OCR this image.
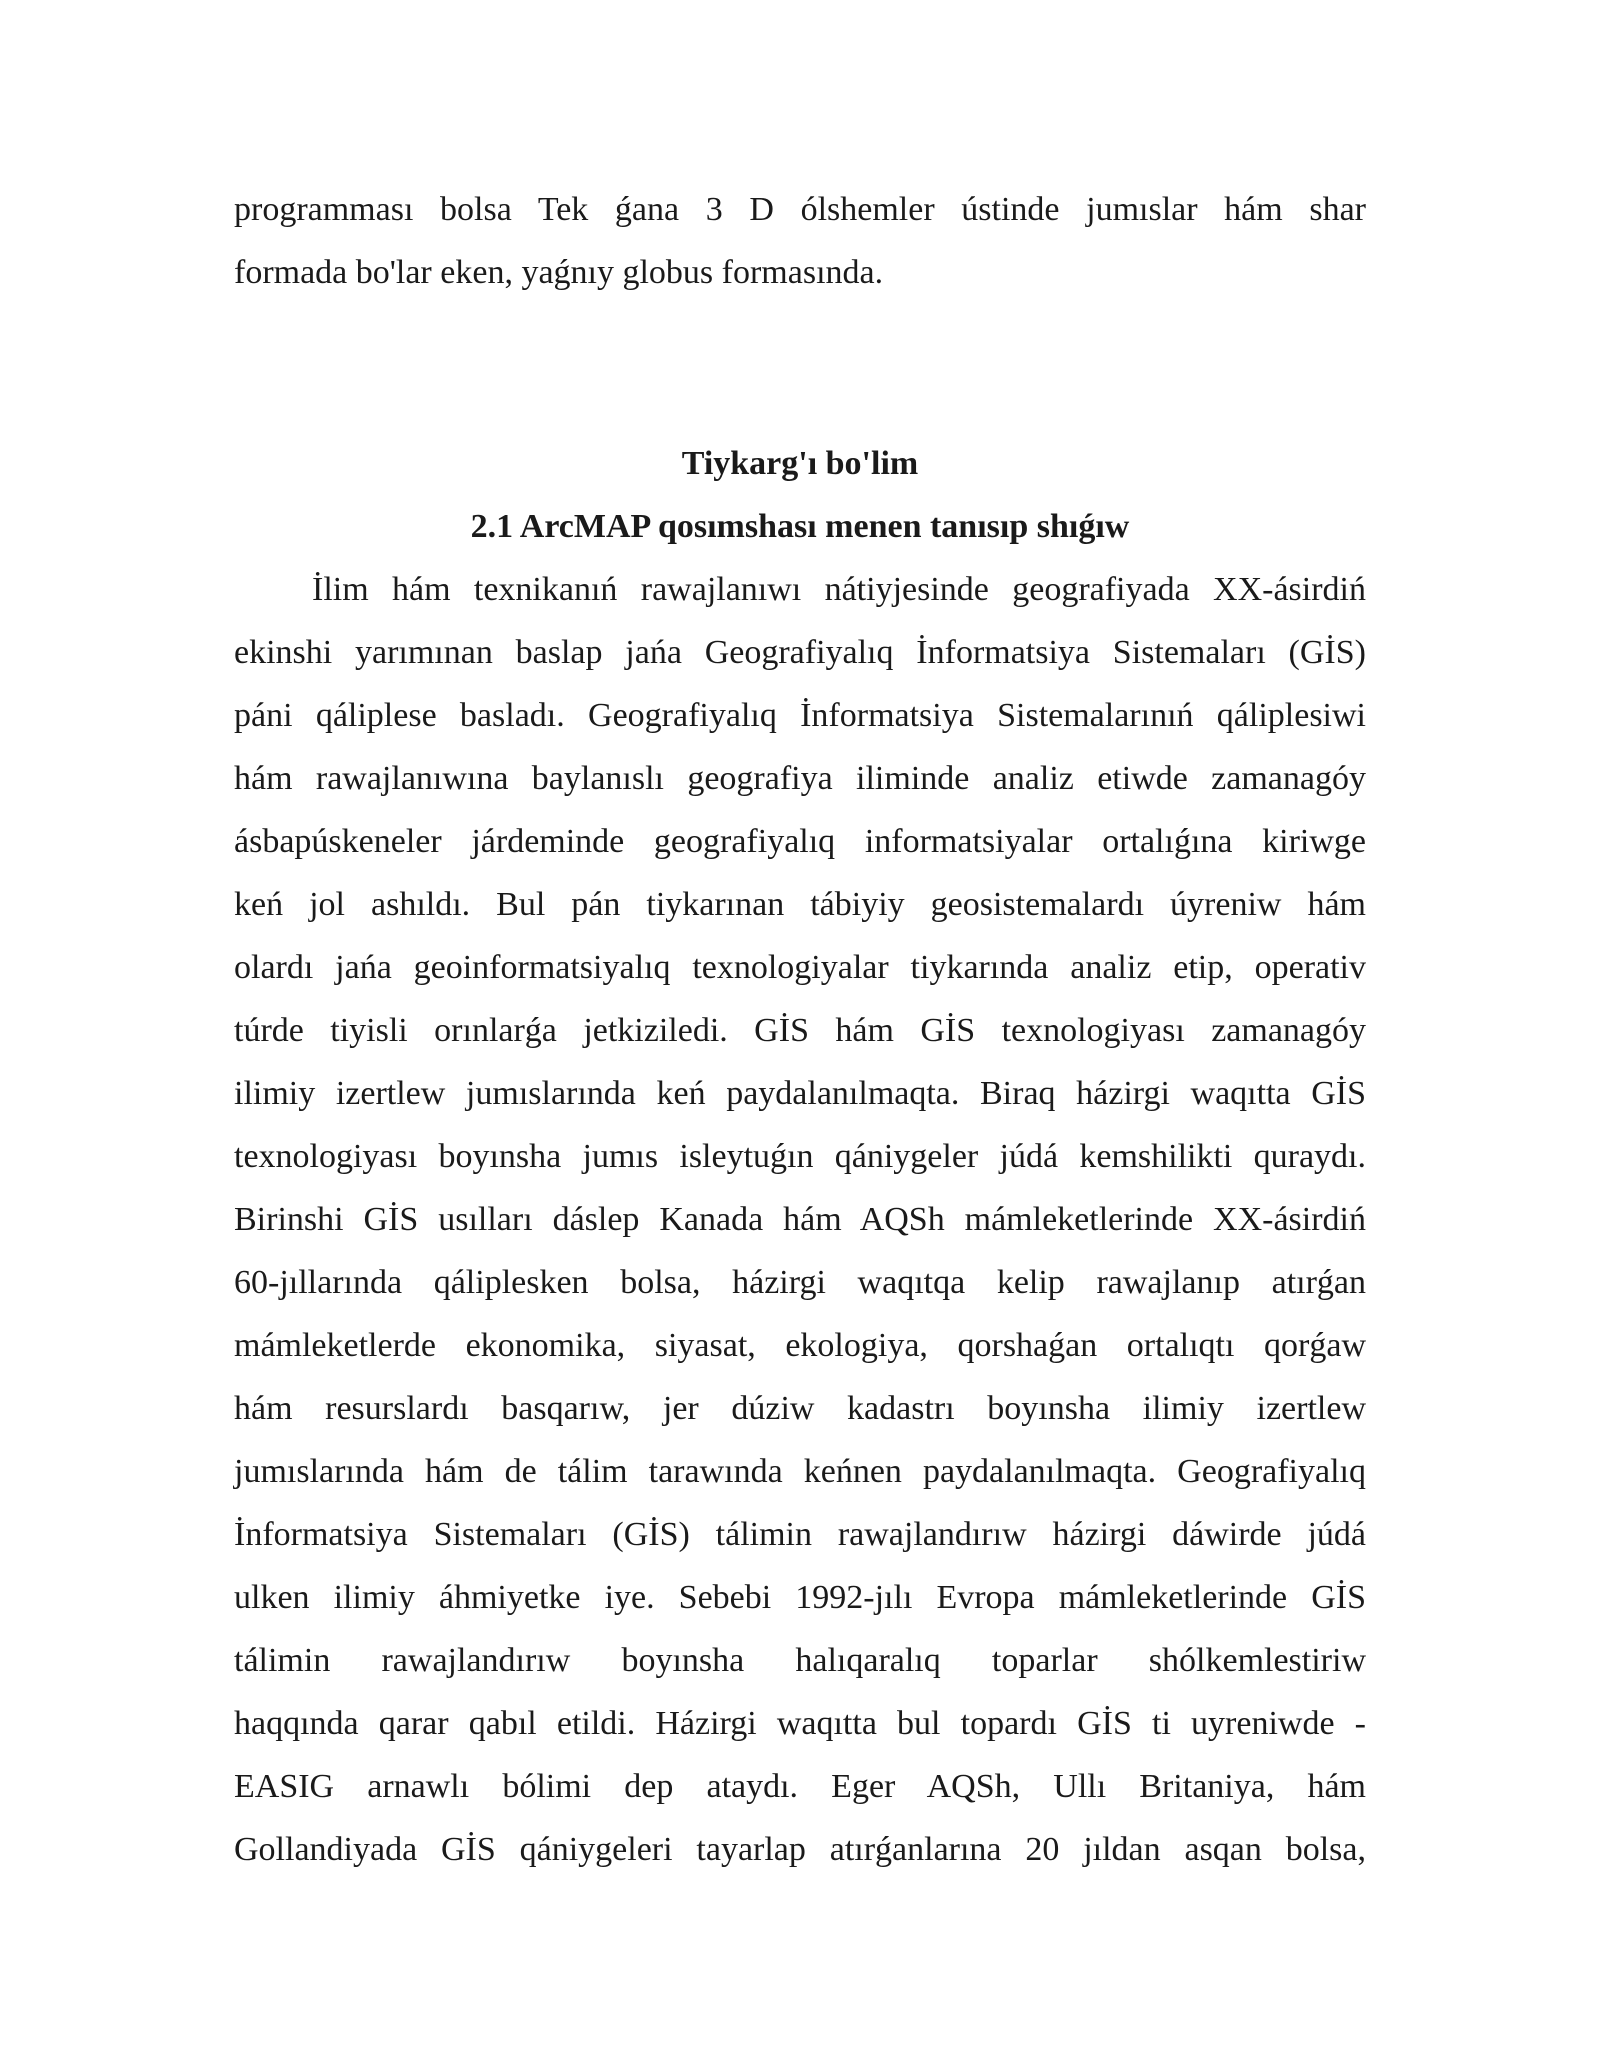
programması bolsa Tek ǵana 3 D ólshemler ústinde jumıslar hám shar
formada bo'lar eken, yaǵnıy globus formasında.
Tiykarg'ı bo'lim
2.1 ArcMAP qosımshası menen tanısıp shıǵıw
İlim hám texnikanıń rawajlanıwı nátiyjesinde geografiyada XX-ásirdiń
ekinshi yarımınan baslap jańa Geografiyalıq İnformatsiya Sistemaları (GİS)
páni qáliplese basladı. Geografiyalıq İnformatsiya Sistemalarınıń qáliplesiwi
hám rawajlanıwına baylanıslı geografiya iliminde analiz etiwde zamanagóy
ásbapúskeneler járdeminde geografiyalıq informatsiyalar ortalıǵına kiriwge
keń jol ashıldı. Bul pán tiykarınan tábiyiy geosistemalardı úyreniw hám
olardı jańa geoinformatsiyalıq texnologiyalar tiykarında analiz etip, operativ
túrde tiyisli orınlarǵa jetkiziledi. GİS hám GİS texnologiyası zamanagóy
ilimiy izertlew jumıslarında keń paydalanılmaqta. Biraq házirgi waqıtta GİS
texnologiyası boyınsha jumıs isleytuǵın qániygeler júdá kemshilikti quraydı.
Birinshi GİS usılları dáslep Kanada hám AQSh mámleketlerinde XX-ásirdiń
60-jıllarında qáliplesken bolsa, házirgi waqıtqa kelip rawajlanıp atırǵan
mámleketlerde ekonomika, siyasat, ekologiya, qorshaǵan ortalıqtı qorǵaw
hám resurslardı basqarıw, jer dúziw kadastrı boyınsha ilimiy izertlew
jumıslarında hám de tálim tarawında keńnen paydalanılmaqta. Geografiyalıq
İnformatsiya Sistemaları (GİS) tálimin rawajlandırıw házirgi dáwirde júdá
ulken ilimiy áhmiyetke iye. Sebebi 1992-jılı Evropa mámleketlerinde GİS
tálimin rawajlandırıw boyınsha halıqaralıq toparlar shólkemlestiriw
haqqında qarar qabıl etildi. Házirgi waqıtta bul topardı GİS ti uyreniwde -
EASIG arnawlı bólimi dep ataydı. Eger AQSh, Ullı Britaniya, hám
Gollandiyada GİS qániygeleri tayarlap atırǵanlarına 20 jıldan asqan bolsa,
